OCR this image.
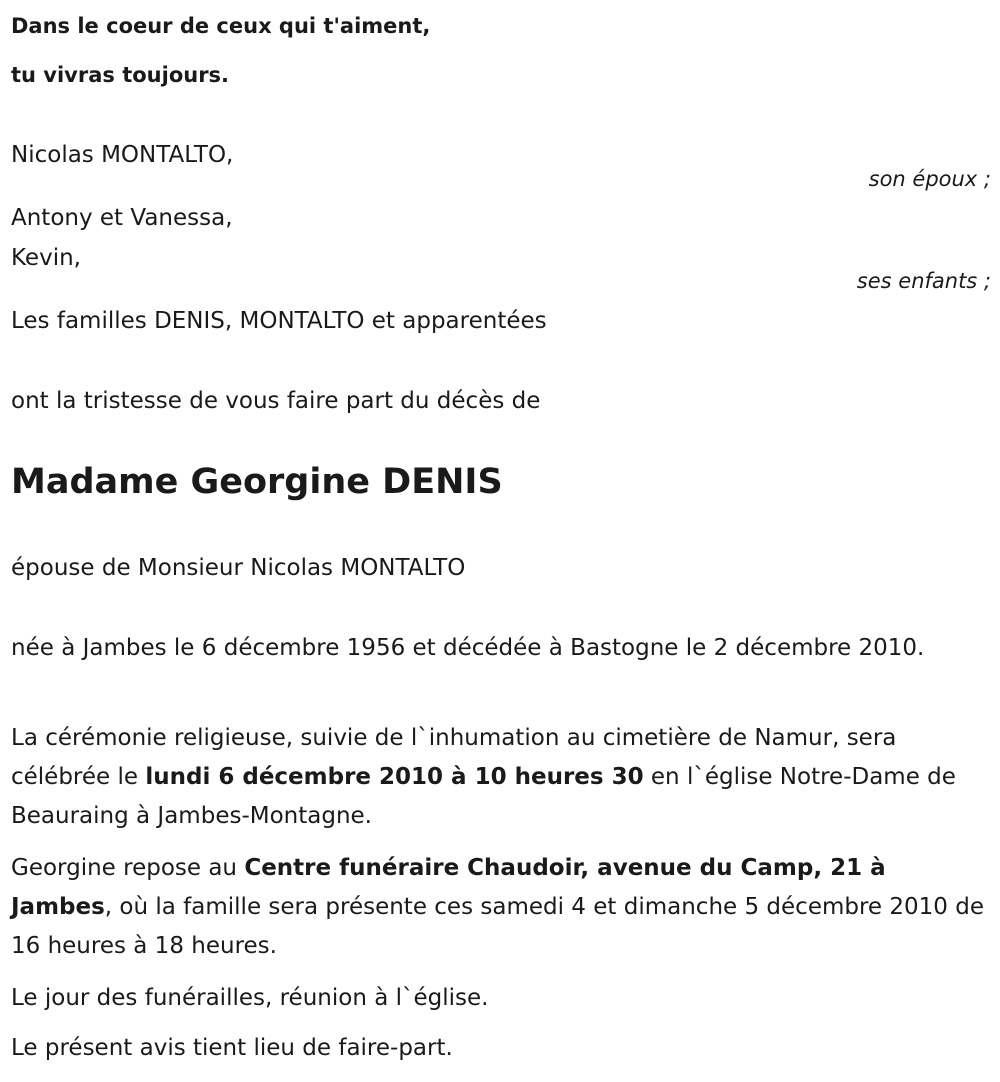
Dans le coeur de ceux qui t'aiment,
tu vivras toujours.
Nicolas MONTALTO,
son époux ;
Antony et Vanessa,
Kevin,
ses enfants ;
Les familles DENIS, MONTALTO et apparentées
ont la tristesse de vous faire part du décès de
Madame Georgine DENIS
épouse de Monsieur Nicolas MONTALTO

née à Jambes le 6 décembre 1956 et décédée à Bastogne le 2 décembre 2010.

La cérémonie religieuse, suivie de l`inhumation au cimetière de Namur, sera célébrée le lundi 6 décembre 2010 à 10 heures 30 en l`église Notre-Dame de Beauraing à Jambes-Montagne.

Georgine repose au Centre funéraire Chaudoir, avenue du Camp, 21 à Jambes, où la famille sera présente ces samedi 4 et dimanche 5 décembre 2010 de 16 heures à 18 heures.

Le jour des funérailles, réunion à l`église.
Le présent avis tient lieu de faire-part.
